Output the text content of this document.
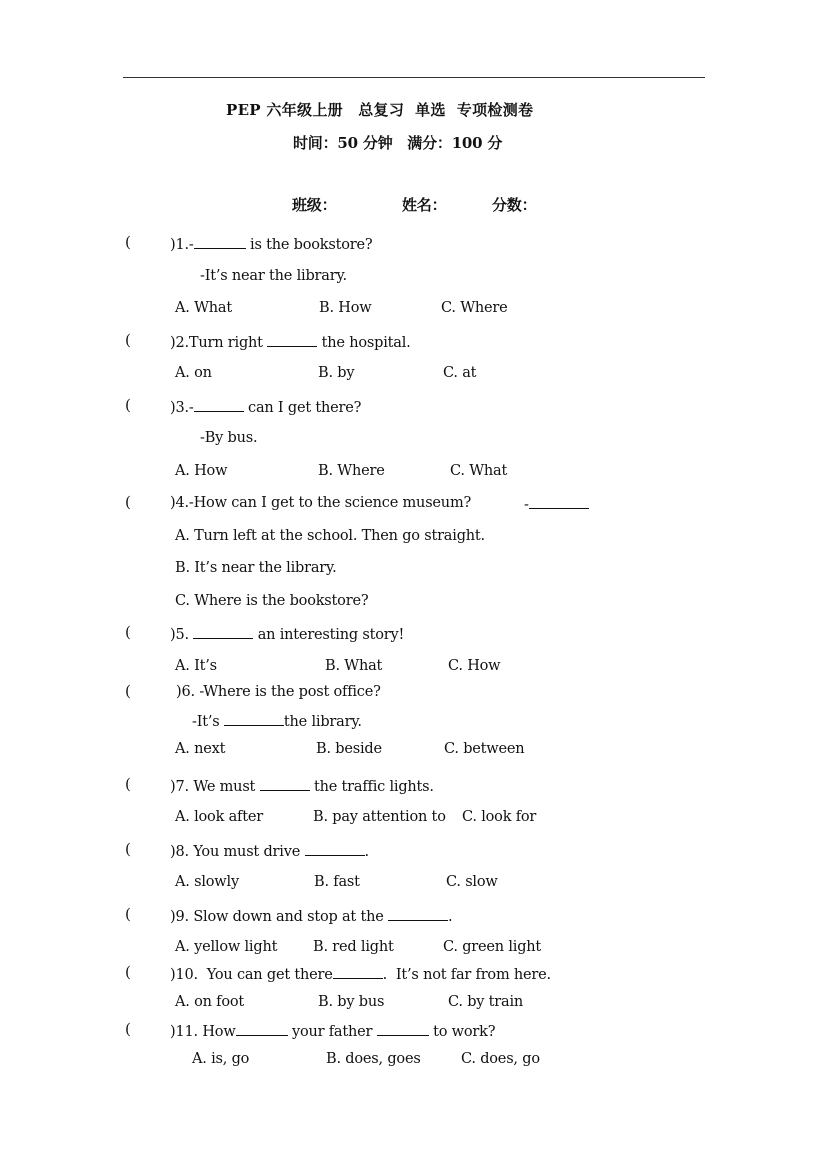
PEP 六年级上册　总复习  单选  专项检测卷
时间：50 分钟　满分：100 分
班级：	姓名：	分数：
(	)1.-	is the bookstore?
-It’s near the library.
A. What	B. How	C. Where
(	)2.Turn right	the hospital.
A. on	B. by	C. at
(	)3.-	can I get there?
-By bus.
A. How	B. Where	C. What
(	)4.-How can I get to the science museum?	-
A. Turn left at the school. Then go straight.
B. It’s near the library.
C. Where is the bookstore?
(	)5.	an interesting story!
A. It’s	B. What	C. How
(	)6. -Where is the post office?
-It’s	the library.
A. next	B. beside	C. between
(	)7. We must	the traffic lights.
A. look after	B. pay attention to C. look for
(	)8. You must drive	.
A. slowly	B. fast	C. slow
(	)9. Slow down and stop at the	.
A. yellow light B. red light	C. green light
(	)10.  You can get there	.  It’s not far from here.
A. on foot	B. by bus	C. by train
(	)11. How	your father	to work?
A. is, go	B. does, goes	C. does, go
